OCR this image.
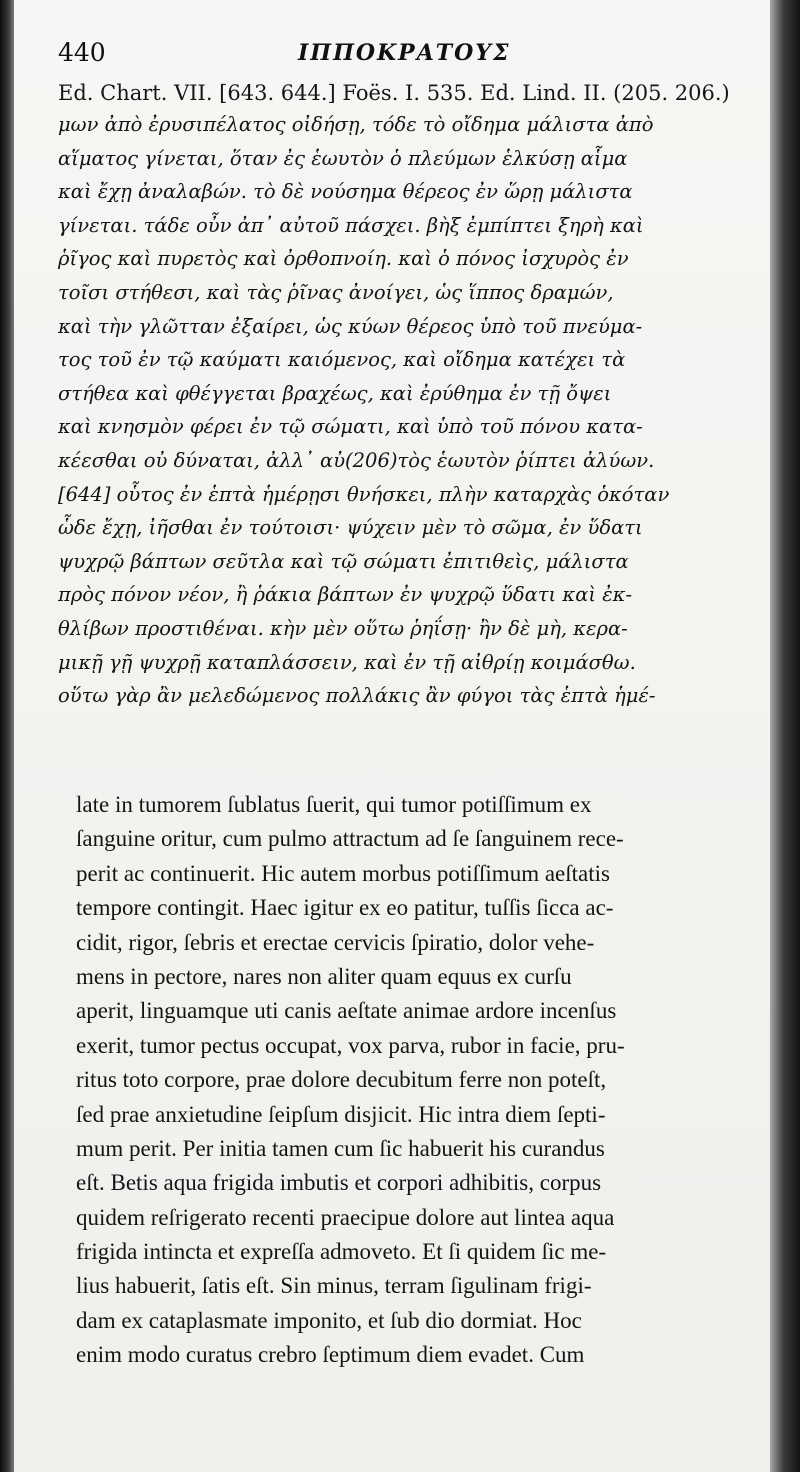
440	ΙΠΠΟΚΡΑΤΟΥΣ
Ed. Chart. VII. [643. 644.] Foës. I. 535. Ed. Lind. II. (205. 206.)
μων ἀπὸ ἐρυσιπέλατος οἰδήσῃ, τόδε τὸ οἴδημα μάλιστα ἀπὸ
αἵματος γίνεται, ὅταν ἐς ἑωυτὸν ὁ πλεύμων ἑλκύσῃ αἷμα
καὶ ἔχῃ ἀναλαβών. τὸ δὲ νούσημα θέρεος ἐν ὥρῃ μάλιστα
γίνεται. τάδε οὖν ἀπ᾽ αὐτοῦ πάσχει. βὴξ ἐμπίπτει ξηρὴ καὶ
ῥῖγος καὶ πυρετὸς καὶ ὀρθοπνοίη. καὶ ὁ πόνος ἰσχυρὸς ἐν
τοῖσι στήθεσι, καὶ τὰς ῥῖνας ἀνοίγει, ὡς ἵππος δραμών,
καὶ τὴν γλῶτταν ἐξαίρει, ὡς κύων θέρεος ὑπὸ τοῦ πνεύμα-
τος τοῦ ἐν τῷ καύματι καιόμενος, καὶ οἴδημα κατέχει τὰ
στήθεα καὶ φθέγγεται βραχέως, καὶ ἐρύθημα ἐν τῇ ὄψει
καὶ κνησμὸν φέρει ἐν τῷ σώματι, καὶ ὑπὸ τοῦ πόνου κατα-
κέεσθαι οὐ δύναται, ἀλλ᾽ αὐ(206)τὸς ἑωυτὸν ῥίπτει ἀλύων.
[644] οὗτος ἐν ἑπτὰ ἡμέρῃσι θνήσκει, πλὴν καταρχὰς ὁκόταν
ὧδε ἔχῃ, ἰῆσθαι ἐν τούτοισι· ψύχειν μὲν τὸ σῶμα, ἐν ὕδατι
ψυχρῷ βάπτων σεῦτλα καὶ τῷ σώματι ἐπιτιθεὶς, μάλιστα
πρὸς πόνον νέον, ἢ ῥάκια βάπτων ἐν ψυχρῷ ὕδατι καὶ ἐκ-
θλίβων προστιθέναι. κὴν μὲν οὕτω ῥηΐσῃ· ἢν δὲ μὴ, κερα-
μικῇ γῇ ψυχρῇ καταπλάσσειν, καὶ ἐν τῇ αἰθρίῃ κοιμάσθω.
οὕτω γὰρ ἂν μελεδώμενος πολλάκις ἂν φύγοι τὰς ἑπτὰ ἡμέ-
late in tumorem ſublatus ſuerit, qui tumor potiſſimum ex
ſanguine oritur, cum pulmo attractum ad ſe ſanguinem rece-
perit ac continuerit. Hic autem morbus potiſſimum aeſtatis
tempore contingit. Haec igitur ex eo patitur, tuſſis ſicca ac-
cidit, rigor, ſebris et erectae cervicis ſpiratio, dolor vehe-
mens in pectore, nares non aliter quam equus ex curſu
aperit, linguamque uti canis aeſtate animae ardore incenſus
exerit, tumor pectus occupat, vox parva, rubor in facie, pru-
ritus toto corpore, prae dolore decubitum ferre non poteſt,
ſed prae anxietudine ſeipſum disjicit. Hic intra diem ſepti-
mum perit. Per initia tamen cum ſic habuerit his curandus
eſt. Betis aqua frigida imbutis et corpori adhibitis, corpus
quidem reſrigerato recenti praecipue dolore aut lintea aqua
frigida intincta et expreſſa admoveto. Et ſi quidem ſic me-
lius habuerit, ſatis eſt. Sin minus, terram ſigulinam frigi-
dam ex cataplasmate imponito, et ſub dio dormiat. Hoc
enim modo curatus crebro ſeptimum diem evadet. Cum
